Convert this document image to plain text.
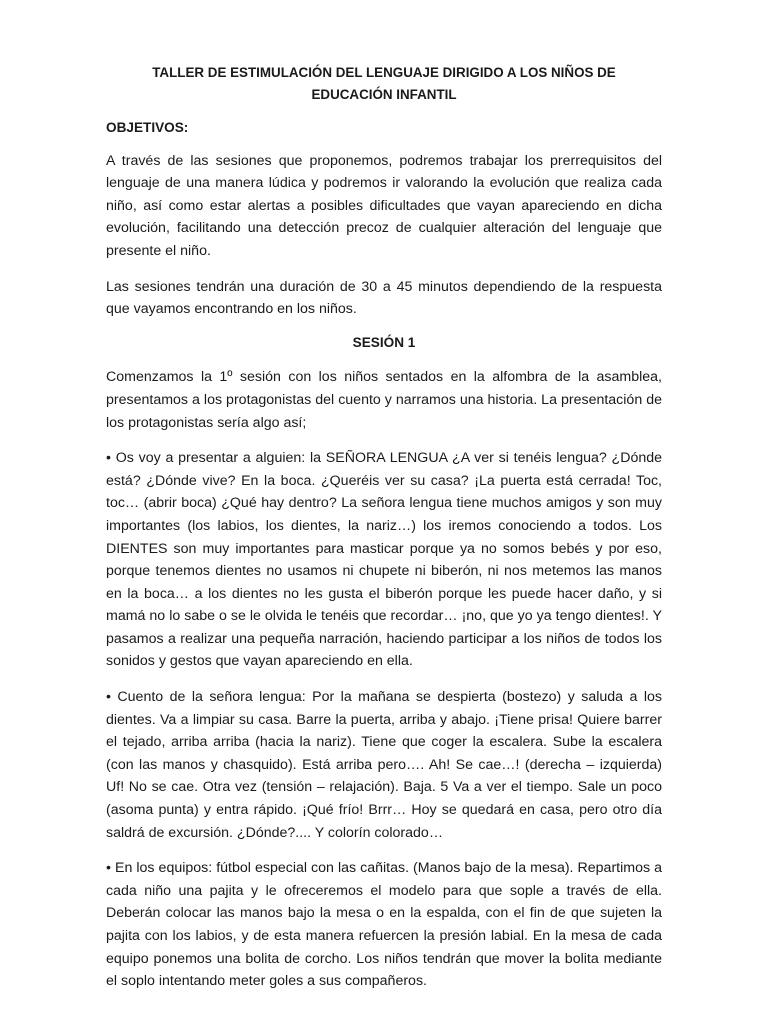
TALLER DE ESTIMULACIÓN DEL LENGUAJE DIRIGIDO A LOS NIÑOS DE EDUCACIÓN INFANTIL
OBJETIVOS:

A través de las sesiones que proponemos, podremos trabajar los prerrequisitos del lenguaje de una manera lúdica y podremos ir valorando la evolución que realiza cada niño, así como estar alertas a posibles dificultades que vayan apareciendo en dicha evolución, facilitando una detección precoz de cualquier alteración del lenguaje que presente el niño.

Las sesiones tendrán una duración de 30 a 45 minutos dependiendo de la respuesta que vayamos encontrando en los niños.

SESIÓN 1

Comenzamos la 1º sesión con los niños sentados en la alfombra de la asamblea, presentamos a los protagonistas del cuento y narramos una historia. La presentación de los protagonistas sería algo así;

• Os voy a presentar a alguien: la SEÑORA LENGUA ¿A ver si tenéis lengua? ¿Dónde está? ¿Dónde vive? En la boca. ¿Queréis ver su casa? ¡La puerta está cerrada! Toc, toc… (abrir boca) ¿Qué hay dentro? La señora lengua tiene muchos amigos y son muy importantes (los labios, los dientes, la nariz…) los iremos conociendo a todos. Los DIENTES son muy importantes para masticar porque ya no somos bebés y por eso, porque tenemos dientes no usamos ni chupete ni biberón, ni nos metemos las manos en la boca… a los dientes no les gusta el biberón porque les puede hacer daño, y si mamá no lo sabe o se le olvida le tenéis que recordar… ¡no, que yo ya tengo dientes!. Y pasamos a realizar una pequeña narración, haciendo participar a los niños de todos los sonidos y gestos que vayan apareciendo en ella.

• Cuento de la señora lengua: Por la mañana se despierta (bostezo) y saluda a los dientes. Va a limpiar su casa. Barre la puerta, arriba y abajo. ¡Tiene prisa! Quiere barrer el tejado, arriba arriba (hacia la nariz). Tiene que coger la escalera. Sube la escalera (con las manos y chasquido). Está arriba pero…. Ah! Se cae…! (derecha – izquierda) Uf! No se cae. Otra vez (tensión – relajación). Baja. 5 Va a ver el tiempo. Sale un poco (asoma punta) y entra rápido. ¡Qué frío! Brrr… Hoy se quedará en casa, pero otro día saldrá de excursión. ¿Dónde?.... Y colorín colorado…

• En los equipos: fútbol especial con las cañitas. (Manos bajo de la mesa). Repartimos a cada niño una pajita y le ofreceremos el modelo para que sople a través de ella. Deberán colocar las manos bajo la mesa o en la espalda, con el fin de que sujeten la pajita con los labios, y de esta manera refuercen la presión labial. En la mesa de cada equipo ponemos una bolita de corcho. Los niños tendrán que mover la bolita mediante el soplo intentando meter goles a sus compañeros.
